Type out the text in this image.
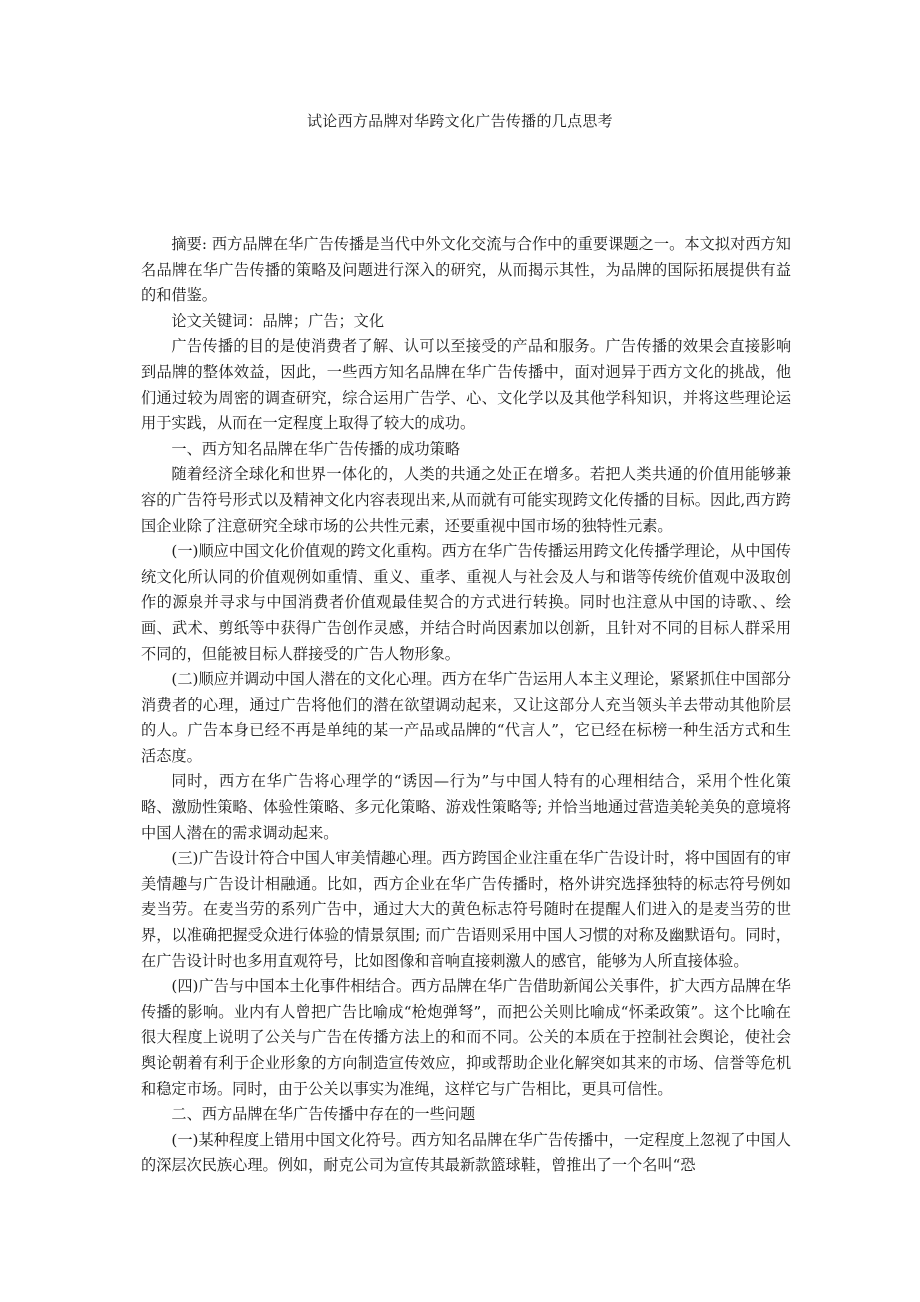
试论西方品牌对华跨文化广告传播的几点思考

摘要: 西方品牌在华广告传播是当代中外文化交流与合作中的重要课题之一。本文拟对西方知名品牌在华广告传播的策略及问题进行深入的研究，从而揭示其性，为品牌的国际拓展提供有益的和借鉴。

论文关键词：品牌；广告；文化

广告传播的目的是使消费者了解、认可以至接受的产品和服务。广告传播的效果会直接影响到品牌的整体效益，因此，一些西方知名品牌在华广告传播中，面对迥异于西方文化的挑战，他们通过较为周密的调查研究，综合运用广告学、心、文化学以及其他学科知识，并将这些理论运用于实践，从而在一定程度上取得了较大的成功。

一、西方知名品牌在华广告传播的成功策略

随着经济全球化和世界一体化的，人类的共通之处正在增多。若把人类共通的价值用能够兼容的广告符号形式以及精神文化内容表现出来,从而就有可能实现跨文化传播的目标。因此,西方跨国企业除了注意研究全球市场的公共性元素，还要重视中国市场的独特性元素。

(一)顺应中国文化价值观的跨文化重构。西方在华广告传播运用跨文化传播学理论，从中国传统文化所认同的价值观例如重情、重义、重孝、重视人与社会及人与和谐等传统价值观中汲取创作的源泉并寻求与中国消费者价值观最佳契合的方式进行转换。同时也注意从中国的诗歌、、绘画、武术、剪纸等中获得广告创作灵感，并结合时尚因素加以创新，且针对不同的目标人群采用不同的，但能被目标人群接受的广告人物形象。

(二)顺应并调动中国人潜在的文化心理。西方在华广告运用人本主义理论，紧紧抓住中国部分消费者的心理，通过广告将他们的潜在欲望调动起来，又让这部分人充当领头羊去带动其他阶层的人。广告本身已经不再是单纯的某一产品或品牌的“代言人”，它已经在标榜一种生活方式和生活态度。

同时，西方在华广告将心理学的“诱因—行为”与中国人特有的心理相结合，采用个性化策略、激励性策略、体验性策略、多元化策略、游戏性策略等; 并恰当地通过营造美轮美奂的意境将中国人潜在的需求调动起来。

(三)广告设计符合中国人审美情趣心理。西方跨国企业注重在华广告设计时，将中国固有的审美情趣与广告设计相融通。比如，西方企业在华广告传播时，格外讲究选择独特的标志符号例如麦当劳。在麦当劳的系列广告中，通过大大的黄色标志符号随时在提醒人们进入的是麦当劳的世界，以准确把握受众进行体验的情景氛围; 而广告语则采用中国人习惯的对称及幽默语句。同时，在广告设计时也多用直观符号，比如图像和音响直接刺激人的感官，能够为人所直接体验。

(四)广告与中国本土化事件相结合。西方品牌在华广告借助新闻公关事件，扩大西方品牌在华传播的影响。业内有人曾把广告比喻成“枪炮弹弩”，而把公关则比喻成“怀柔政策”。这个比喻在很大程度上说明了公关与广告在传播方法上的和而不同。公关的本质在于控制社会舆论，使社会舆论朝着有利于企业形象的方向制造宣传效应，抑或帮助企业化解突如其来的市场、信誉等危机和稳定市场。同时，由于公关以事实为准绳，这样它与广告相比，更具可信性。

二、西方品牌在华广告传播中存在的一些问题

(一)某种程度上错用中国文化符号。西方知名品牌在华广告传播中，一定程度上忽视了中国人的深层次民族心理。例如，耐克公司为宣传其最新款篮球鞋，曾推出了一个名叫“恐
